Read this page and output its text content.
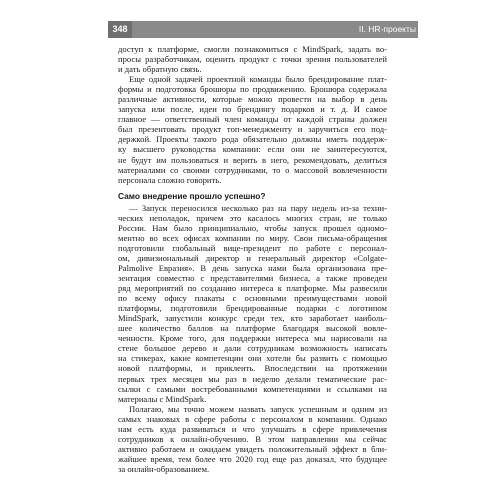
348	II. HR-проекты
доступ к платформе, смогли познакомиться с MindSpark, задать во-
просы разработчикам, оценить продукт с точки зрения пользователей
и дать обратную связь.
Еще одной задачей проектной команды было брендирование плат-
формы и подготовка брошюры по продвижению. Брошюра содержала
различные активности, которые можно провести на выбор в день
запуска или после, идеи по брендингу подарков и т. д. И самое
главное — ответственный член команды от каждой страны должен
был презентовать продукт топ-менеджменту и заручиться его под-
держкой. Проекты такого рода обязательно должны иметь поддерж-
ку высшего руководства компании: если они не заинтересуются,
не будут им пользоваться и верить в него, рекомендовать, делиться
материалами со своими сотрудниками, то о массовой вовлеченности
персонала сложно говорить.
Само внедрение прошло успешно?
— Запуск переносился несколько раз на пару недель из-за техни-
ческих неполадок, причем это касалось многих стран, не только
России. Нам было принципиально, чтобы запуск прошел одномо-
ментно во всех офисах компании по миру. Свои письма-обращения
подготовили глобальный вице-президент по работе с персонал-
ом, дивизиональный директор и генеральный директор «Colgate-
Palmolive Евразия». В день запуска нами была организована пре-
зентация совместно с представителями бизнеса, а также проведен
ряд мероприятий по созданию интереса к платформе. Мы развесили
по всему офису плакаты с основными преимуществами новой
платформы, подготовили брендированные подарки с логотипом
MindSpark, запустили конкурс среди тех, кто заработает наиболь-
шее количество баллов на платформе благодаря высокой вовле-
ченности. Кроме того, для поддержки интереса мы нарисовали на
стене большое дерево и дали сотрудникам возможность написать
на стикерах, какие компетенции они хотели бы развить с помощью
новой платформы, и приклеить. Впоследствии на протяжении
первых трех месяцев мы раз в неделю делали тематические рас-
сылки с самыми востребованными компетенциями и ссылками на
материалы с MindSpark.
Полагаю, мы точно можем назвать запуск успешным и одним из
самых знаковых в сфере работы с персоналом в компании. Однако
нам есть куда развиваться и что улучшать в сфере привлечения
сотрудников к онлайн-обучению. В этом направлении мы сейчас
активно работаем и ожидаем увидеть положительный эффект в бли-
жайшее время, тем более что 2020 год еще раз доказал, что будущее
за онлайн-образованием.
